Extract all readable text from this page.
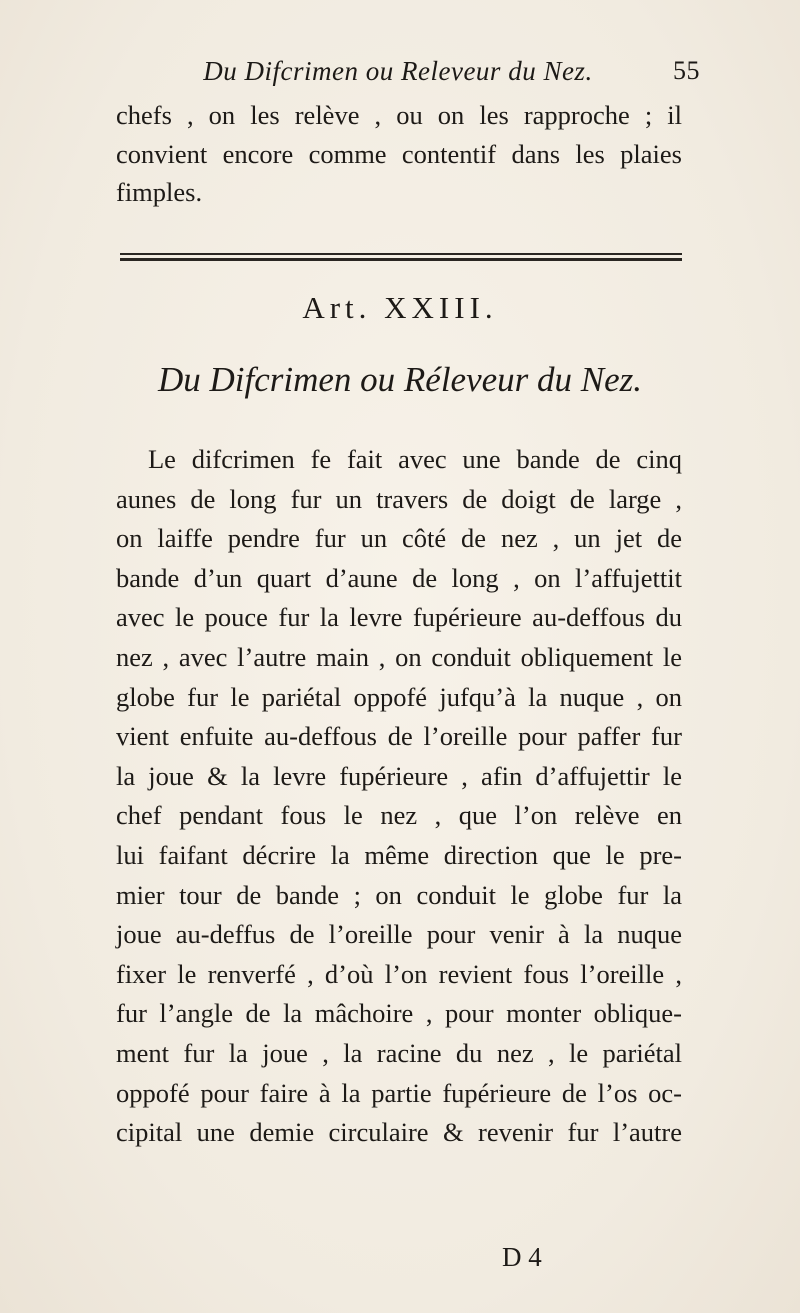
Du Difcrimen ou Releveur du Nez.	55

chefs , on les relève , ou on les rapproche ; il

convient encore comme contentif dans les plaies

fimples.

Art. XXIII.
Du Difcrimen ou Réleveur du Nez.
Le difcrimen fe fait avec une bande de cinq
aunes de long fur un travers de doigt de large ,
on laiffe pendre fur un côté de nez , un jet de
bande d’un quart d’aune de long , on l’affujettit
avec le pouce fur la levre fupérieure au-deffous du
nez , avec l’autre main , on conduit obliquement le
globe fur le pariétal oppofé jufqu’à la nuque , on
vient enfuite au-deffous de l’oreille pour paffer fur
la joue & la levre fupérieure , afin d’affujettir le
chef pendant fous le nez , que l’on relève en
lui faifant décrire la même direction que le pre-
mier tour de bande ; on conduit le globe fur la
joue au-deffus de l’oreille pour venir à la nuque
fixer le renverfé , d’où l’on revient fous l’oreille ,
fur l’angle de la mâchoire , pour monter oblique-
ment fur la joue , la racine du nez , le pariétal
oppofé pour faire à la partie fupérieure de l’os oc-
cipital une demie circulaire & revenir fur l’autre
D 4
